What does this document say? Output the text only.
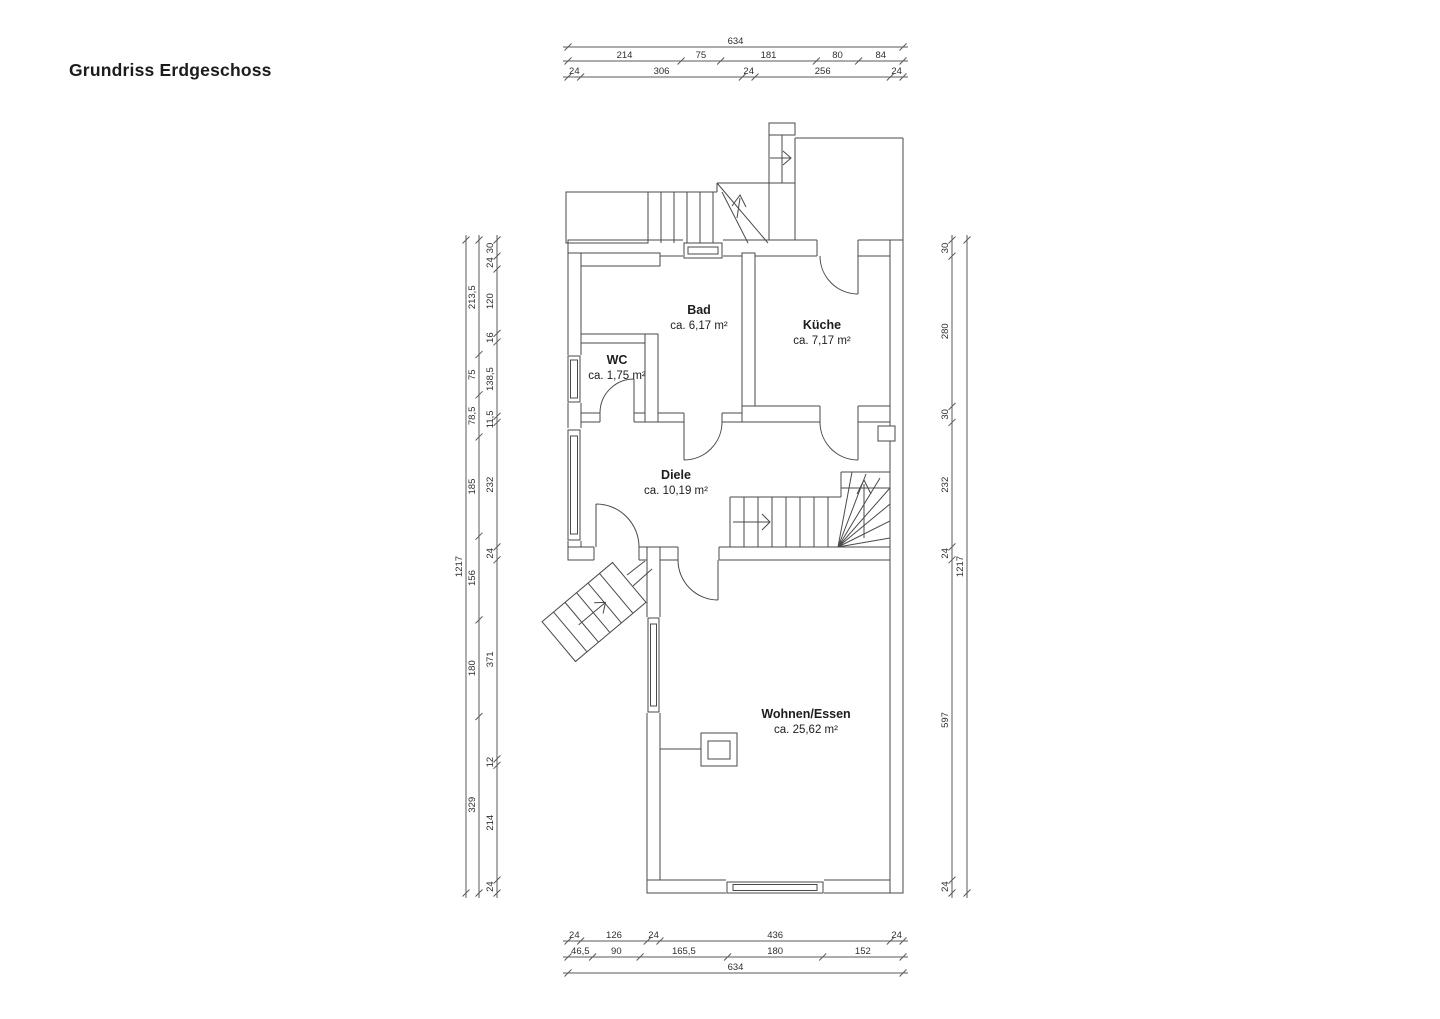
Grundriss Erdgeschoss
634
214	75	181	80	84
24	306	24	256	24
24	126	24	436	24
46,5 90	165,5	180	152
634
1217
213,5
75
78,5
185
156
180
329
30
24
120
16
138,5
11,5
232
24
371
12
214
24
30
280
30
232
24
597
24
1217
Bad
ca. 6,17 m²	Küche
ca. 7,17 m²
WC
ca. 1,75 m²
Diele
ca. 10,19 m²
Wohnen/Essen
ca. 25,62 m²
